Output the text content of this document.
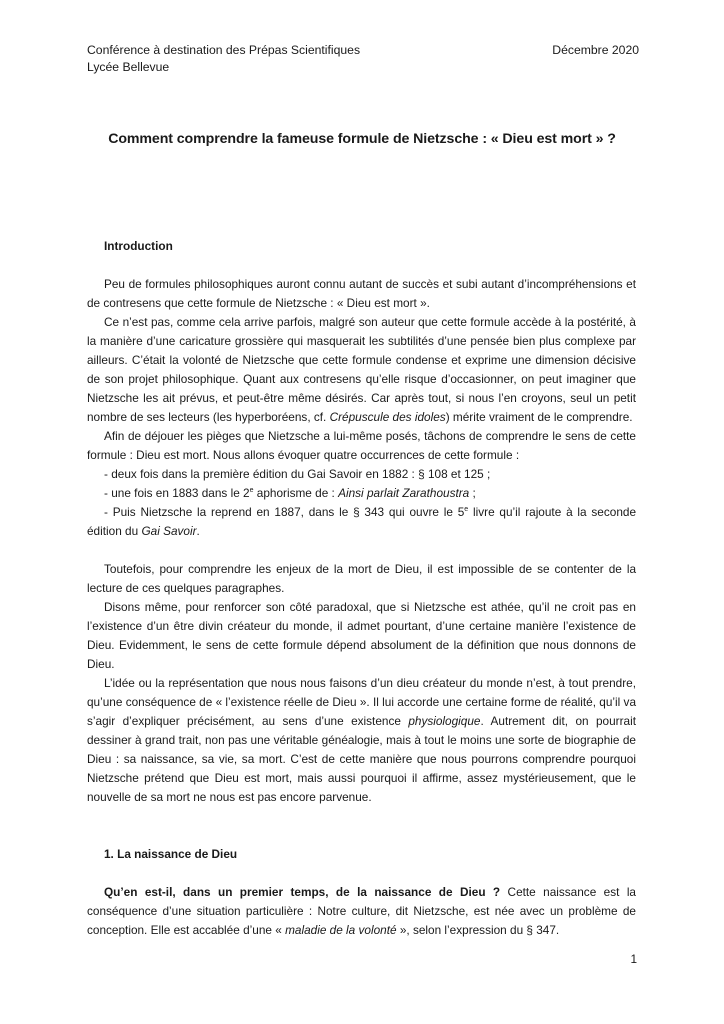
Conférence à destination des Prépas Scientifiques
Lycée Bellevue
Décembre 2020
Comment comprendre la fameuse formule de Nietzsche : « Dieu est mort » ?

Introduction

Peu de formules philosophiques auront connu autant de succès et subi autant d’incompréhensions et de contresens que cette formule de Nietzsche : « Dieu est mort ».

Ce n’est pas, comme cela arrive parfois, malgré son auteur que cette formule accède à la postérité, à la manière d’une caricature grossière qui masquerait les subtilités d’une pensée bien plus complexe par ailleurs. C’était la volonté de Nietzsche que cette formule condense et exprime une dimension décisive de son projet philosophique. Quant aux contresens qu’elle risque d’occasionner, on peut imaginer que Nietzsche les ait prévus, et peut-être même désirés. Car après tout, si nous l’en croyons, seul un petit nombre de ses lecteurs (les hyperboréens, cf. Crépuscule des idoles) mérite vraiment de le comprendre.

Afin de déjouer les pièges que Nietzsche a lui-même posés, tâchons de comprendre le sens de cette formule : Dieu est mort. Nous allons évoquer quatre occurrences de cette formule :

- deux fois dans la première édition du Gai Savoir en 1882 : § 108 et 125 ;

- une fois en 1883 dans le 2e aphorisme de : Ainsi parlait Zarathoustra ;

- Puis Nietzsche la reprend en 1887, dans le § 343 qui ouvre le 5e livre qu’il rajoute à la seconde édition du Gai Savoir.

Toutefois, pour comprendre les enjeux de la mort de Dieu, il est impossible de se contenter de la lecture de ces quelques paragraphes.

Disons même, pour renforcer son côté paradoxal, que si Nietzsche est athée, qu’il ne croit pas en l’existence d’un être divin créateur du monde, il admet pourtant, d’une certaine manière l’existence de Dieu. Evidemment, le sens de cette formule dépend absolument de la définition que nous donnons de Dieu.

L’idée ou la représentation que nous nous faisons d’un dieu créateur du monde n’est, à tout prendre, qu’une conséquence de « l’existence réelle de Dieu ». Il lui accorde une certaine forme de réalité, qu’il va s’agir d’expliquer précisément, au sens d’une existence physiologique. Autrement dit, on pourrait dessiner à grand trait, non pas une véritable généalogie, mais à tout le moins une sorte de biographie de Dieu : sa naissance, sa vie, sa mort. C’est de cette manière que nous pourrons comprendre pourquoi Nietzsche prétend que Dieu est mort, mais aussi pourquoi il affirme, assez mystérieusement, que le nouvelle de sa mort ne nous est pas encore parvenue.

1. La naissance de Dieu

Qu’en est-il, dans un premier temps, de la naissance de Dieu ? Cette naissance est la conséquence d’une situation particulière : Notre culture, dit Nietzsche, est née avec un problème de conception. Elle est accablée d’une « maladie de la volonté », selon l’expression du § 347.

1
